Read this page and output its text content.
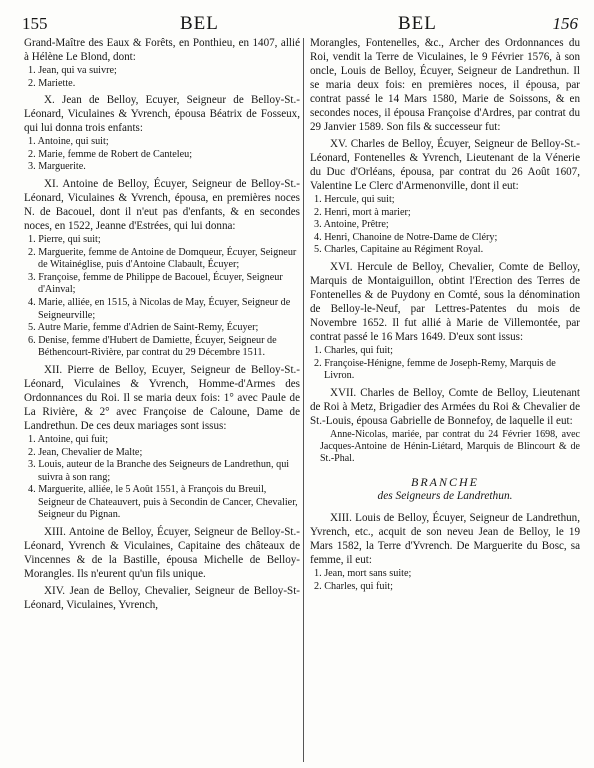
155	BEL	BEL	156

Grand-Maître des Eaux & Forêts, en Ponthieu, en 1407, allié à Hélène Le Blond, dont:

1. Jean, qui va suivre;
2. Mariette.

X. Jean de Belloy, Ecuyer, Seigneur de Belloy-St.-Léonard, Viculaines & Yvrench, épousa Béatrix de Fosseux, qui lui donna trois enfants:

1. Antoine, qui suit;
2. Marie, femme de Robert de Canteleu;
3. Marguerite.

XI. Antoine de Belloy, Écuyer, Seigneur de Belloy-St.-Léonard, Viculaines & Yvrench, épousa, en premières noces N. de Bacouel, dont il n'eut pas d'enfants, & en secondes noces, en 1522, Jeanne d'Estrées, qui lui donna:

1. Pierre, qui suit;
2. Marguerite, femme de Antoine de Domqueur, Écuyer, Seigneur de Witainéglise, puis d'Antoine Clabault, Écuyer;
3. Françoise, femme de Philippe de Bacouel, Écuyer, Seigneur d'Ainval;
4. Marie, alliée, en 1515, à Nicolas de May, Écuyer, Seigneur de Seigneurville;
5. Autre Marie, femme d'Adrien de Saint-Remy, Écuyer;
6. Denise, femme d'Hubert de Damiette, Écuyer, Seigneur de Béthencourt-Rivière, par contrat du 29 Décembre 1511.

XII. Pierre de Belloy, Ecuyer, Seigneur de Belloy-St.-Léonard, Viculaines & Yvrench, Homme-d'Armes des Ordonnances du Roi. Il se maria deux fois: 1° avec Paule de La Rivière, & 2° avec Françoise de Caloune, Dame de Landrethun. De ces deux mariages sont issus:

1. Antoine, qui fuit;
2. Jean, Chevalier de Malte;
3. Louis, auteur de la Branche des Seigneurs de Landrethun, qui suivra à son rang;
4. Marguerite, alliée, le 5 Août 1551, à François du Breuil, Seigneur de Chateauvert, puis à Secondin de Cancer, Chevalier, Seigneur du Pignan.

XIII. Antoine de Belloy, Écuyer, Seigneur de Belloy-St.-Léonard, Yvrench & Viculaines, Capitaine des châteaux de Vincennes & de la Bastille, épousa Michelle de Belloy-Morangles. Ils n'eurent qu'un fils unique.

XIV. Jean de Belloy, Chevalier, Seigneur de Belloy-St-Léonard, Viculaines, Yvrench,

Morangles, Fontenelles, &c., Archer des Ordonnances du Roi, vendit la Terre de Viculaines, le 9 Février 1576, à son oncle, Louis de Belloy, Écuyer, Seigneur de Landrethun. Il se maria deux fois: en premières noces, il épousa, par contrat passé le 14 Mars 1580, Marie de Soissons, & en secondes noces, il épousa Françoise d'Ardres, par contrat du 29 Janvier 1589. Son fils & successeur fut:

XV. Charles de Belloy, Écuyer, Seigneur de Belloy-St.-Léonard, Fontenelles & Yvrench, Lieutenant de la Vénerie du Duc d'Orléans, épousa, par contrat du 26 Août 1607, Valentine Le Clerc d'Armenonville, dont il eut:

1. Hercule, qui suit;
2. Henri, mort à marier;
3. Antoine, Prêtre;
4. Henri, Chanoine de Notre-Dame de Cléry;
5. Charles, Capitaine au Régiment Royal.

XVI. Hercule de Belloy, Chevalier, Comte de Belloy, Marquis de Montaiguillon, obtint l'Erection des Terres de Fontenelles & de Puydony en Comté, sous la dénomination de Belloy-le-Neuf, par Lettres-Patentes du mois de Novembre 1652. Il fut allié à Marie de Villemontée, par contrat passé le 16 Mars 1649. D'eux sont issus:

1. Charles, qui fuit;
2. Françoise-Hénigne, femme de Joseph-Remy, Marquis de Livron.

XVII. Charles de Belloy, Comte de Belloy, Lieutenant de Roi à Metz, Brigadier des Armées du Roi & Chevalier de St.-Louis, épousa Gabrielle de Bonnefoy, de laquelle il eut:

Anne-Nicolas, mariée, par contrat du 24 Février 1698, avec Jacques-Antoine de Hénin-Liétard, Marquis de Blincourt & de St.-Phal.

BRANCHE

des Seigneurs de Landrethun.

XIII. Louis de Belloy, Écuyer, Seigneur de Landrethun, Yvrench, etc., acquit de son neveu Jean de Belloy, le 19 Mars 1582, la Terre d'Yvrench. De Marguerite du Bosc, sa femme, il eut:

1. Jean, mort sans suite;
2. Charles, qui fuit;
